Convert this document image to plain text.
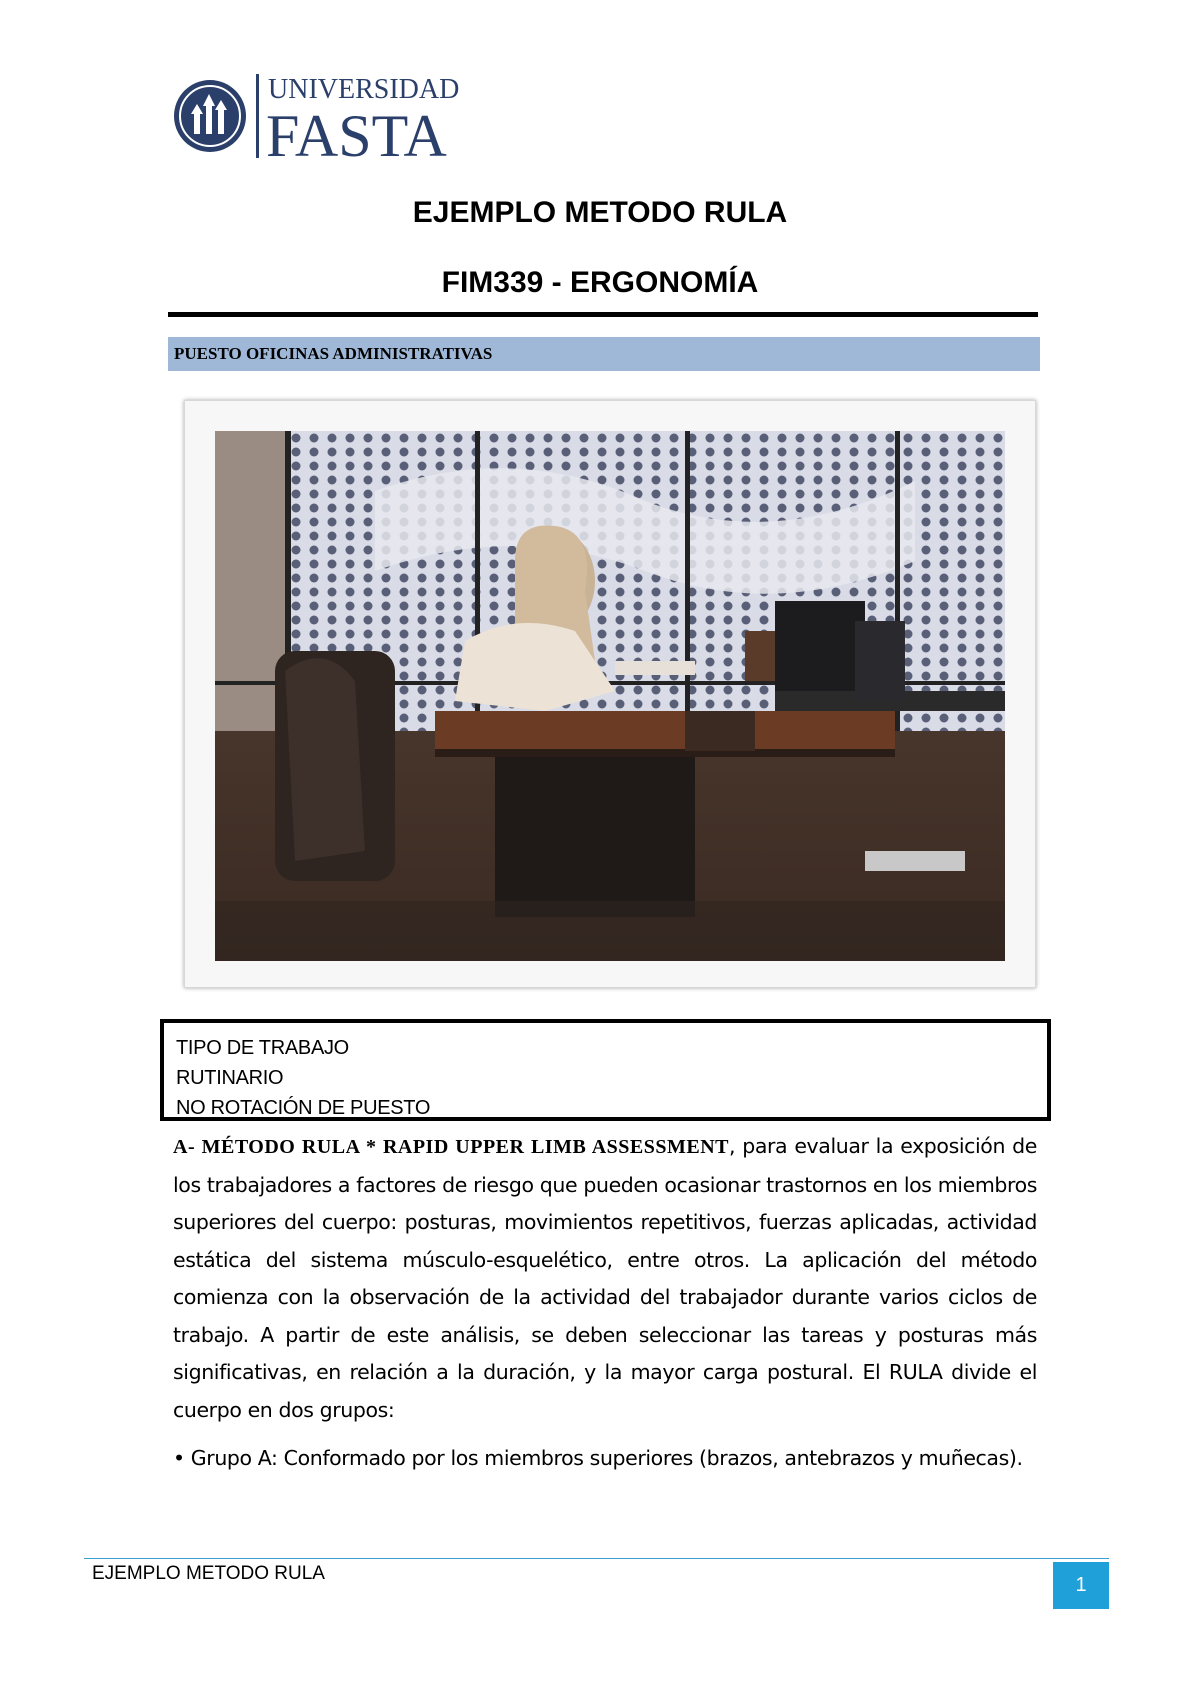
UNIVERSIDAD
FASTA
EJEMPLO METODO RULA
FIM339 - ERGONOMÍA
PUESTO OFICINAS ADMINISTRATIVAS
TIPO DE TRABAJO
RUTINARIO
NO ROTACIÓN DE PUESTO
A- MÉTODO RULA * RAPID UPPER LIMB ASSESSMENT, para evaluar la exposición de los trabajadores a factores de riesgo que pueden ocasionar trastornos en los miembros superiores del cuerpo: posturas, movimientos repetitivos, fuerzas aplicadas, actividad estática del sistema músculo-esquelético, entre otros. La aplicación del método comienza con la observación de la actividad del trabajador durante varios ciclos de trabajo. A partir de este análisis, se deben seleccionar las tareas y posturas más significativas, en relación a la duración, y la mayor carga postural. El RULA divide el cuerpo en dos grupos:
• Grupo A: Conformado por los miembros superiores (brazos, antebrazos y muñecas).
EJEMPLO METODO RULA
1
